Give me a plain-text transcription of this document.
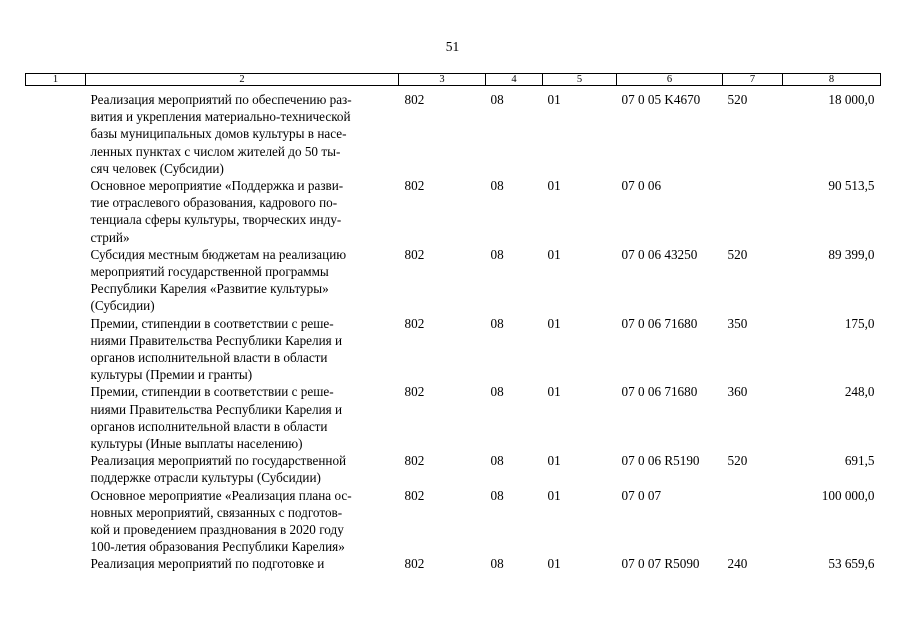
51
1	2	3	4	5	6	7	8

	Реализация мероприятий по обеспечению раз-
вития и укрепления материально-технической
базы муниципальных домов культуры в насе-
ленных пунктах с числом жителей до 50 ты-
сяч человек (Субсидии)	802	08	01	07 0 05 K4670	520	18 000,0

	Основное мероприятие «Поддержка и разви-
тие отраслевого образования, кадрового по-
тенциала сферы культуры, творческих инду-
стрий»	802	08	01	07 0 06		90 513,5

	Субсидия местным бюджетам на реализацию
мероприятий государственной программы
Республики Карелия «Развитие культуры»
(Субсидии)	802	08	01	07 0 06 43250	520	89 399,0

	Премии, стипендии в соответствии с реше-
ниями Правительства Республики Карелия и
органов исполнительной власти в области
культуры (Премии и гранты)	802	08	01	07 0 06 71680	350	175,0

	Премии, стипендии в соответствии с реше-
ниями Правительства Республики Карелия и
органов исполнительной власти в области
культуры (Иные выплаты населению)	802	08	01	07 0 06 71680	360	248,0

	Реализация мероприятий по государственной
поддержке отрасли культуры (Субсидии)	802	08	01	07 0 06 R5190	520	691,5

	Основное мероприятие «Реализация плана ос-
новных мероприятий, связанных с подготов-
кой и проведением празднования в 2020 году
100-летия образования Республики Карелия»	802	08	01	07 0 07		100 000,0

	Реализация мероприятий по подготовке и	802	08	01	07 0 07 R5090	240	53 659,6
